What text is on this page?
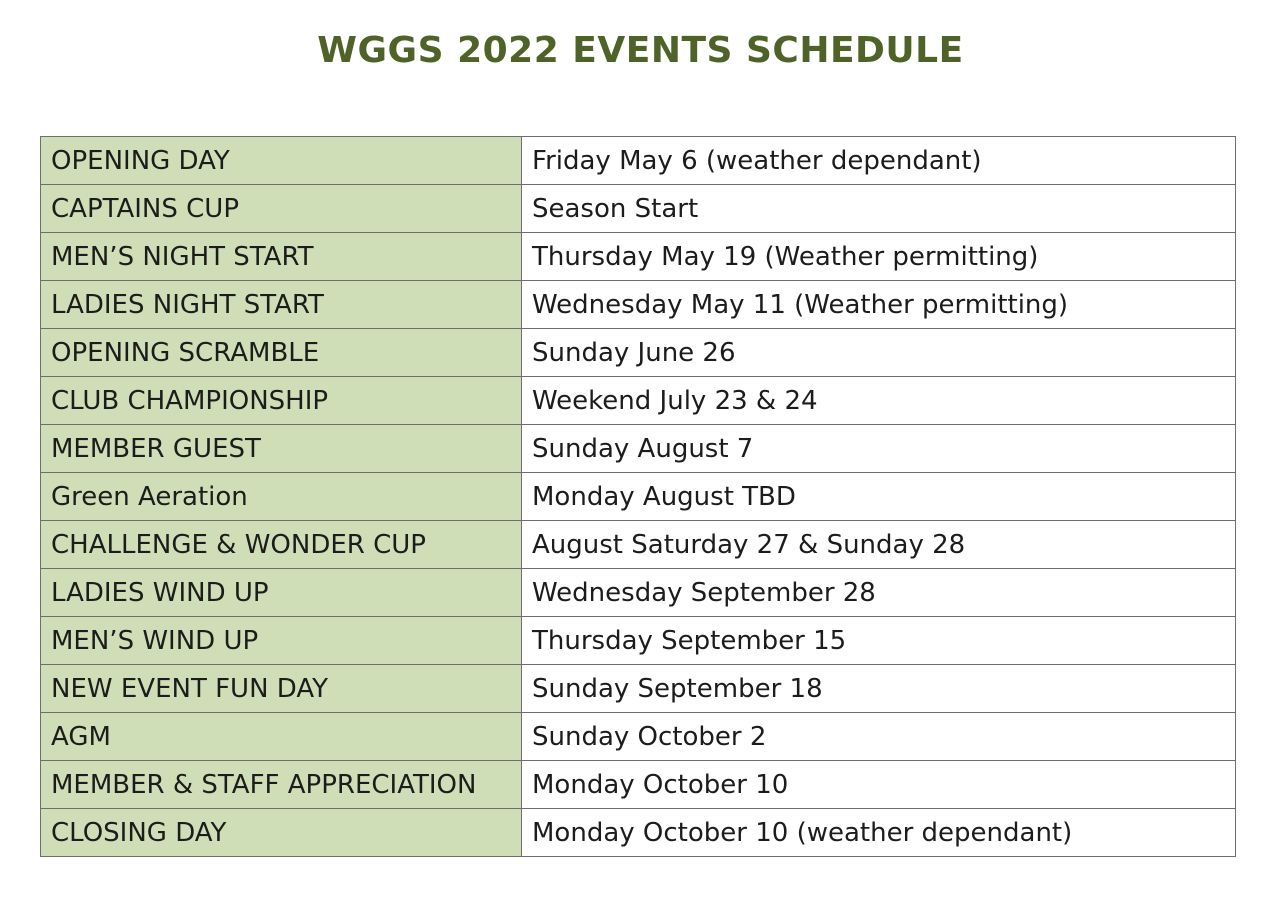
WGGS 2022 EVENTS SCHEDULE
OPENING DAY	Friday May 6 (weather dependant)
CAPTAINS CUP	Season Start
MEN’S NIGHT START	Thursday May 19 (Weather permitting)
LADIES NIGHT START	Wednesday May 11 (Weather permitting)
OPENING SCRAMBLE	Sunday June 26
CLUB CHAMPIONSHIP	Weekend July 23 & 24
MEMBER GUEST	Sunday August 7
Green Aeration	Monday August TBD
CHALLENGE & WONDER CUP	August Saturday 27 & Sunday 28
LADIES WIND UP	Wednesday September 28
MEN’S WIND UP	Thursday September 15
NEW EVENT FUN DAY	Sunday September 18
AGM	Sunday October 2
MEMBER & STAFF APPRECIATION	Monday October 10
CLOSING DAY	Monday October 10 (weather dependant)
